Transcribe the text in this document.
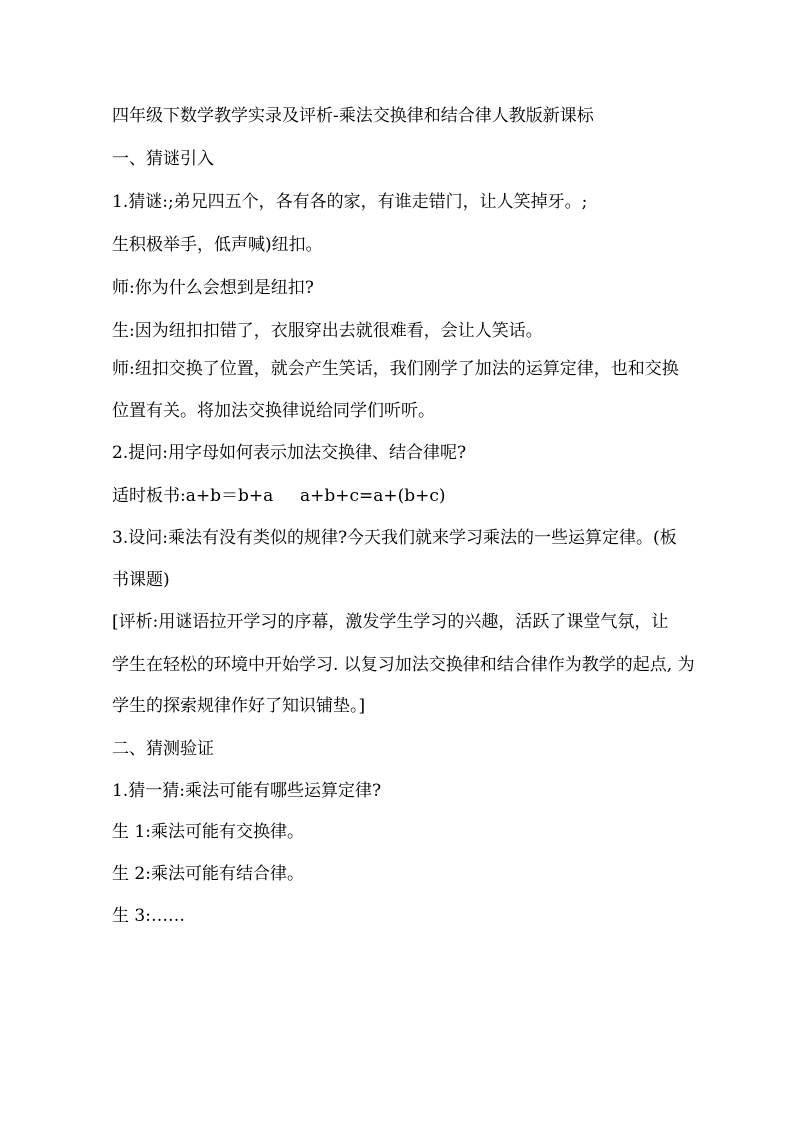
四年级下数学教学实录及评析-乘法交换律和结合律人教版新课标
一、猜谜引入
1.猜谜:;弟兄四五个，各有各的家，有谁走错门，让人笑掉牙。;
生积极举手，低声喊)纽扣。
师:你为什么会想到是纽扣?
生:因为纽扣扣错了，衣服穿出去就很难看，会让人笑话。
师:纽扣交换了位置，就会产生笑话，我们刚学了加法的运算定律，也和交换
位置有关。将加法交换律说给同学们听听。
2.提问:用字母如何表示加法交换律、结合律呢?
适时板书:a+b＝b+a	a+b+c=a+(b+c)
3.设问:乘法有没有类似的规律?今天我们就来学习乘法的一些运算定律。(板
书课题)
[评析:用谜语拉开学习的序幕，激发学生学习的兴趣，活跃了课堂气氛，让
学生在轻松的环境中开始学习. 以复习加法交换律和结合律作为教学的起点, 为
学生的探索规律作好了知识铺垫。]
二、猜测验证
1.猜一猜:乘法可能有哪些运算定律?
生 1:乘法可能有交换律。
生 2:乘法可能有结合律。
生 3:……
